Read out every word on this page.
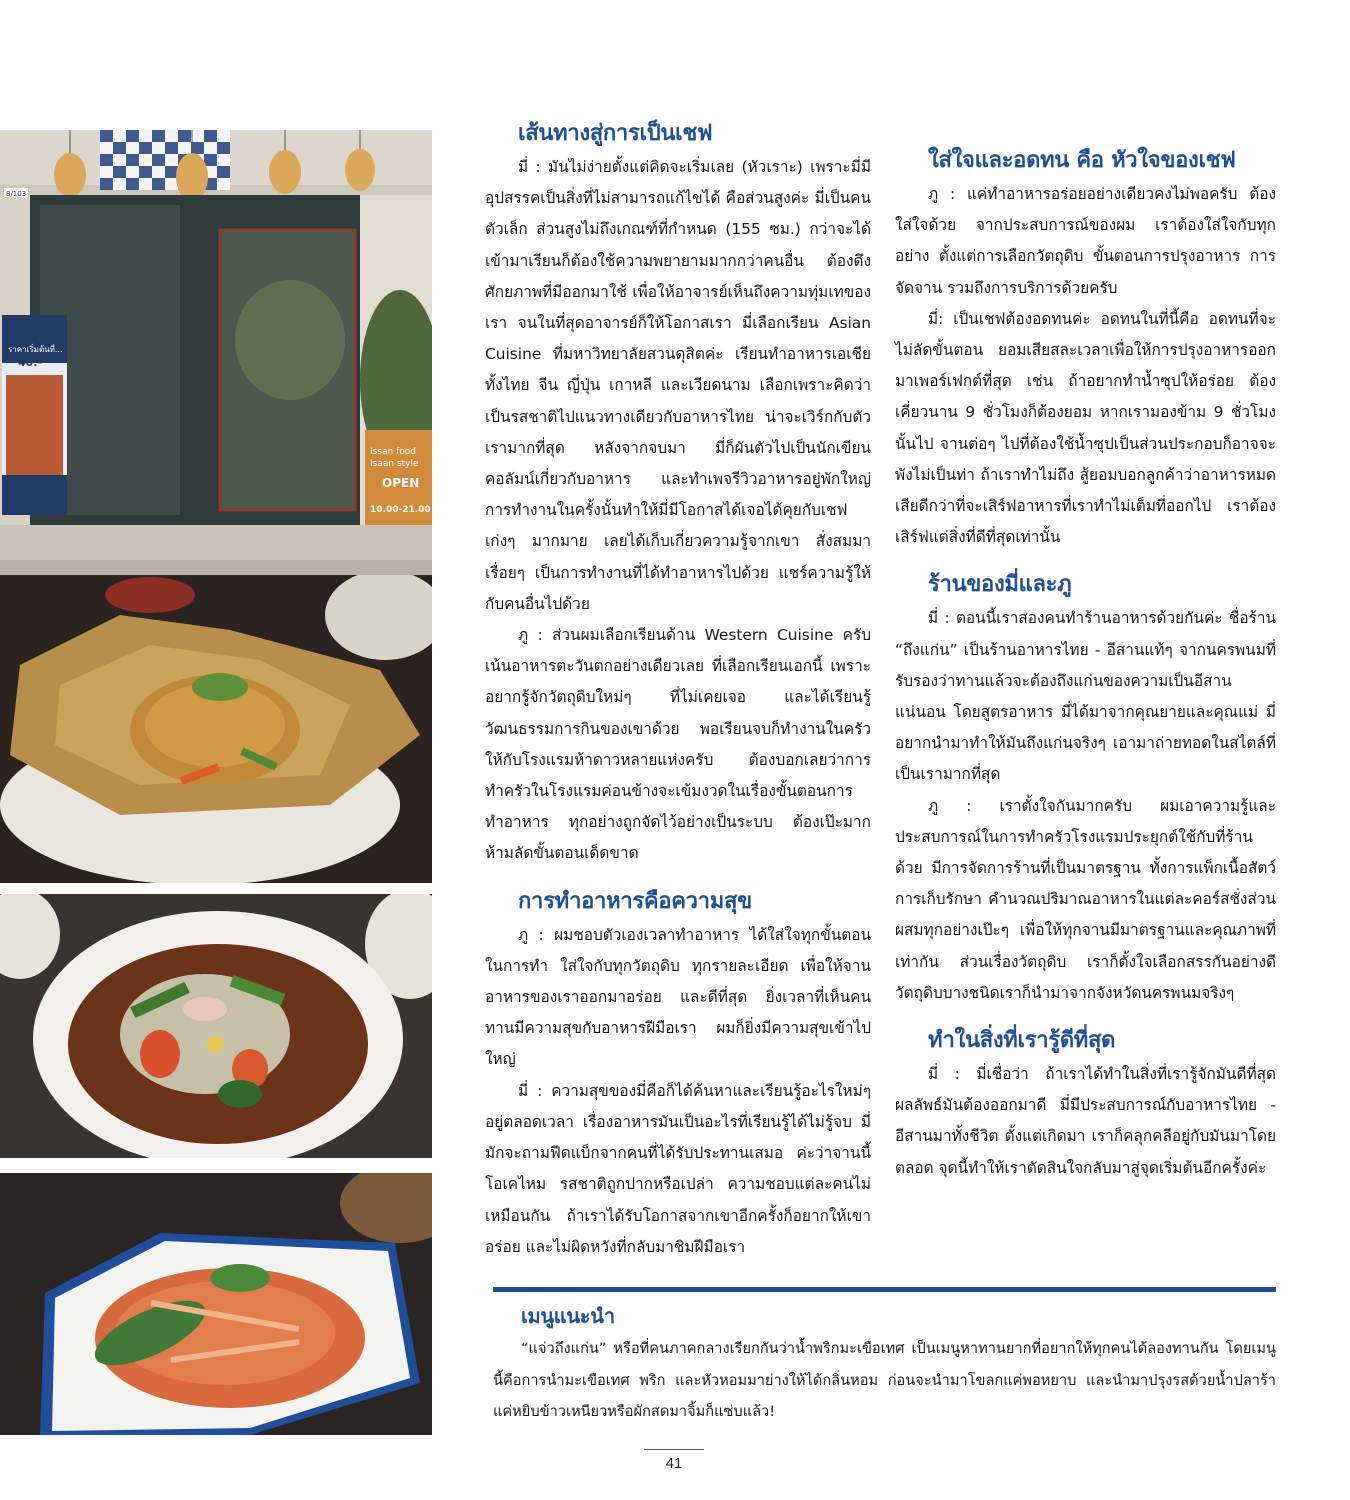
ราคาเริ่มต้นที่...
40.-
Issan food
Isaan style
OPEN
10.00-21.00
8/103
เส้นทางสู่การเป็นเชฟ

มี่ : มันไม่ง่ายตั้งแต่คิดจะเริ่มเลย (หัวเราะ) เพราะมี่มีอุปสรรคเป็นสิ่งที่ไม่สามารถแก้ไขได้ คือส่วนสูงค่ะ มี่เป็นคนตัวเล็ก ส่วนสูงไม่ถึงเกณฑ์ที่กำหนด (155 ซม.) กว่าจะได้เข้ามาเรียนก็ต้องใช้ความพยายามมากกว่าคนอื่น ต้องดึงศักยภาพที่มีออกมาใช้ เพื่อให้อาจารย์เห็นถึงความทุ่มเทของเรา จนในที่สุดอาจารย์ก็ให้โอกาสเรา มี่เลือกเรียน Asian Cuisine ที่มหาวิทยาลัยสวนดุสิตค่ะ เรียนทำอาหารเอเชีย ทั้งไทย จีน ญี่ปุ่น เกาหลี และเวียดนาม เลือกเพราะคิดว่าเป็นรสชาติไปแนวทางเดียวกับอาหารไทย น่าจะเวิร์กกับตัวเรามากที่สุด หลังจากจบมา มี่ก็ผันตัวไปเป็นนักเขียนคอลัมน์เกี่ยวกับอาหาร และทำเพจรีวิวอาหารอยู่พักใหญ่ การทำงานในครั้งนั้นทำให้มี่มีโอกาสได้เจอได้คุยกับเชฟเก่งๆ มากมาย เลยได้เก็บเกี่ยวความรู้จากเขา สั่งสมมาเรื่อยๆ เป็นการทำงานที่ได้ทำอาหารไปด้วย แชร์ความรู้ให้กับคนอื่นไปด้วย

ภู : ส่วนผมเลือกเรียนด้าน Western Cuisine ครับ เน้นอาหารตะวันตกอย่างเดียวเลย ที่เลือกเรียนเอกนี้ เพราะอยากรู้จักวัตถุดิบใหม่ๆ ที่ไม่เคยเจอ และได้เรียนรู้วัฒนธรรมการกินของเขาด้วย พอเรียนจบก็ทำงานในครัวให้กับโรงแรมห้าดาวหลายแห่งครับ ต้องบอกเลยว่าการทำครัวในโรงแรมค่อนข้างจะเข้มงวดในเรื่องขั้นตอนการทำอาหาร ทุกอย่างถูกจัดไว้อย่างเป็นระบบ ต้องเป๊ะมาก ห้ามลัดขั้นตอนเด็ดขาด

การทำอาหารคือความสุข

ภู : ผมชอบตัวเองเวลาทำอาหาร ได้ใส่ใจทุกขั้นตอนในการทำ ใส่ใจกับทุกวัตถุดิบ ทุกรายละเอียด เพื่อให้จานอาหารของเราออกมาอร่อย และดีที่สุด ยิ่งเวลาที่เห็นคนทานมีความสุขกับอาหารฝีมือเรา ผมก็ยิ่งมีความสุขเข้าไปใหญ่

มี่ : ความสุขของมี่คือก็ได้ค้นหาและเรียนรู้อะไรใหม่ๆ อยู่ตลอดเวลา เรื่องอาหารมันเป็นอะไรที่เรียนรู้ได้ไม่รู้จบ มี่มักจะถามฟีดแบ็กจากคนที่ได้รับประทานเสมอ ค่ะว่าจานนี้โอเคไหม รสชาติถูกปากหรือเปล่า ความชอบแต่ละคนไม่เหมือนกัน ถ้าเราได้รับโอกาสจากเขาอีกครั้งก็อยากให้เขาอร่อย และไม่ผิดหวังที่กลับมาชิมฝีมือเรา

ใส่ใจและอดทน คือ หัวใจของเชฟ

ภู : แค่ทำอาหารอร่อยอย่างเดียวคงไม่พอครับ ต้องใส่ใจด้วย จากประสบการณ์ของผม เราต้องใส่ใจกับทุกอย่าง ตั้งแต่การเลือกวัตถุดิบ ขั้นตอนการปรุงอาหาร การจัดจาน รวมถึงการบริการด้วยครับ

มี่: เป็นเชฟต้องอดทนค่ะ อดทนในที่นี้คือ อดทนที่จะไม่ลัดขั้นตอน ยอมเสียสละเวลาเพื่อให้การปรุงอาหารออกมาเพอร์เฟกต์ที่สุด เช่น ถ้าอยากทำน้ำซุปให้อร่อย ต้องเคี่ยวนาน 9 ชั่วโมงก็ต้องยอม หากเรามองข้าม 9 ชั่วโมงนั้นไป จานต่อๆ ไปที่ต้องใช้น้ำซุปเป็นส่วนประกอบก็อาจจะพังไม่เป็นท่า ถ้าเราทำไม่ถึง สู้ยอมบอกลูกค้าว่าอาหารหมดเสียดีกว่าที่จะเสิร์ฟอาหารที่เราทำไม่เต็มที่ออกไป เราต้องเสิร์ฟแต่สิ่งที่ดีที่สุดเท่านั้น

ร้านของมี่และภู

มี่ : ตอนนี้เราสองคนทำร้านอาหารด้วยกันค่ะ ชื่อร้าน “ถึงแก่น” เป็นร้านอาหารไทย - อีสานแท้ๆ จากนครพนมที่รับรองว่าทานแล้วจะต้องถึงแก่นของความเป็นอีสานแน่นอน โดยสูตรอาหาร มี่ได้มาจากคุณยายและคุณแม่ มี่อยากนำมาทำให้มันถึงแก่นจริงๆ เอามาถ่ายทอดในสไตล์ที่เป็นเรามากที่สุด

ภู : เราตั้งใจกันมากครับ ผมเอาความรู้และประสบการณ์ในการทำครัวโรงแรมประยุกต์ใช้กับที่ร้านด้วย มีการจัดการร้านที่เป็นมาตรฐาน ทั้งการแพ็กเนื้อสัตว์ การเก็บรักษา คำนวณปริมาณอาหารในแต่ละคอร์สชั่งส่วนผสมทุกอย่างเป๊ะๆ เพื่อให้ทุกจานมีมาตรฐานและคุณภาพที่เท่ากัน ส่วนเรื่องวัตถุดิบ เราก็ตั้งใจเลือกสรรกันอย่างดี วัตถุดิบบางชนิดเราก็นำมาจากจังหวัดนครพนมจริงๆ

ทำในสิ่งที่เรารู้ดีที่สุด

มี่ : มี่เชื่อว่า ถ้าเราได้ทำในสิ่งที่เรารู้จักมันดีที่สุด ผลลัพธ์มันต้องออกมาดี มี่มีประสบการณ์กับอาหารไทย - อีสานมาทั้งชีวิต ตั้งแต่เกิดมา เราก็คลุกคลีอยู่กับมันมาโดยตลอด จุดนี้ทำให้เราตัดสินใจกลับมาสู่จุดเริ่มต้นอีกครั้งค่ะ

เมนูแนะนำ

“แจ่วถึงแก่น” หรือที่คนภาคกลางเรียกกันว่าน้ำพริกมะเขือเทศ เป็นเมนูหาทานยากที่อยากให้ทุกคนได้ลองทานกัน โดยเมนูนี้คือการนำมะเขือเทศ พริก และหัวหอมมาย่างให้ได้กลิ่นหอม ก่อนจะนำมาโขลกแค่พอหยาบ และนำมาปรุงรสด้วยน้ำปลาร้า แค่หยิบข้าวเหนียวหรือผักสดมาจิ้มก็แซ่บแล้ว!

41
